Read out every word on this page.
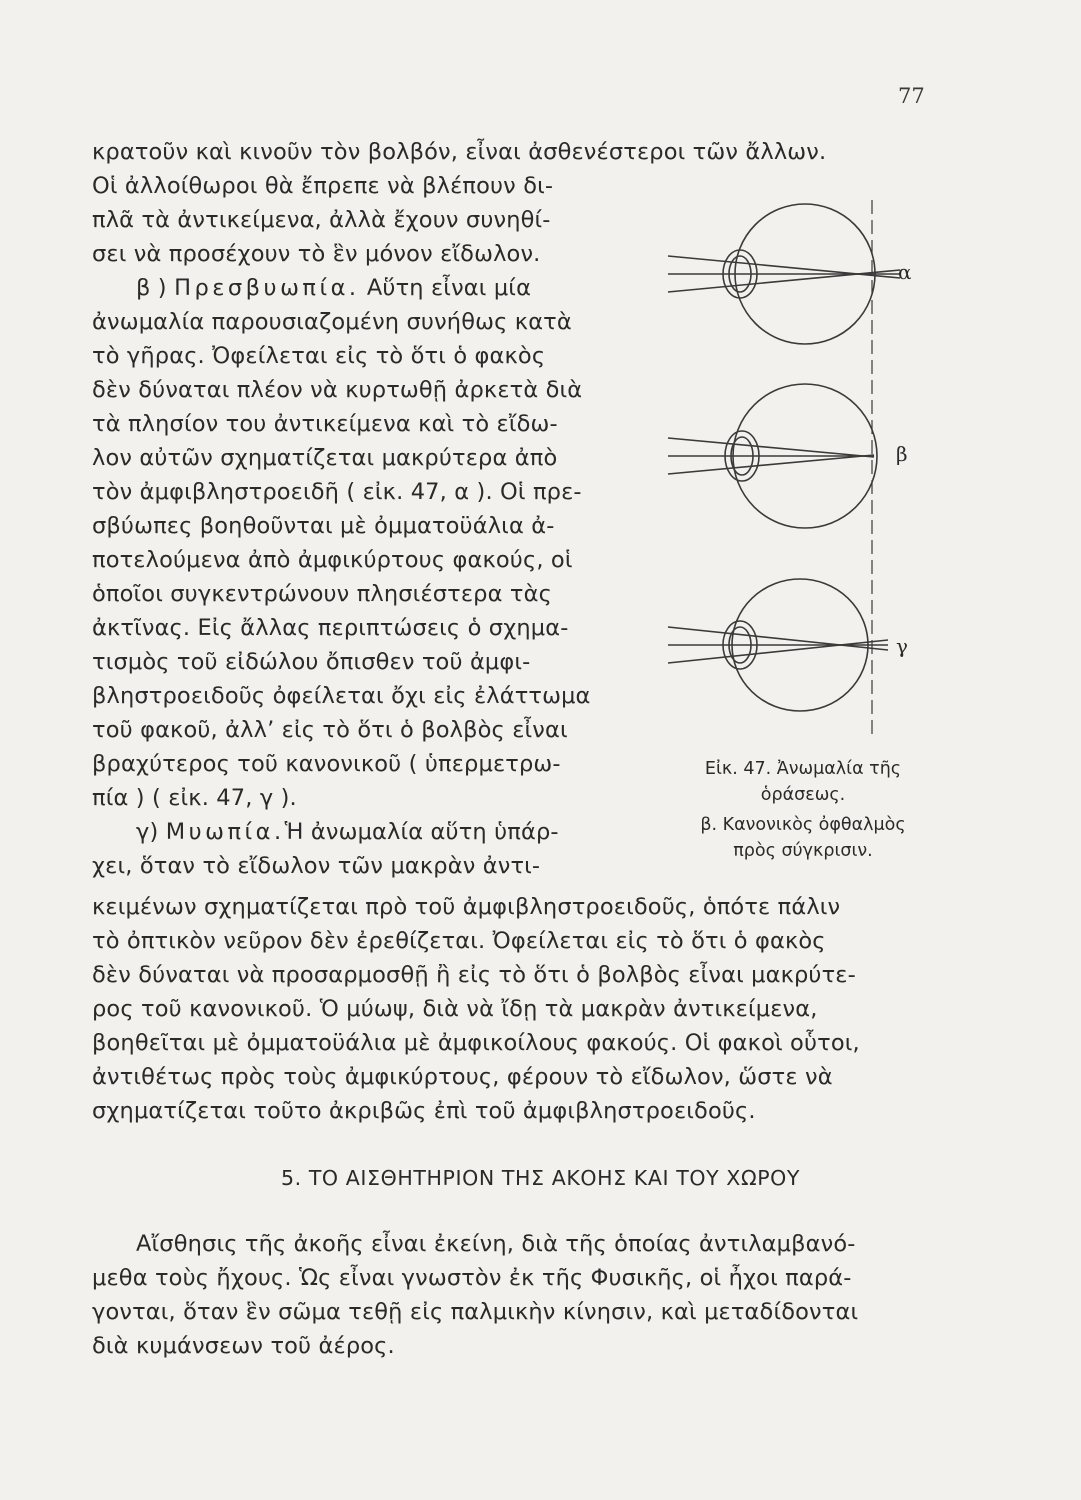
77
κρατοῦν καὶ κινοῦν τὸν βολβόν, εἶναι ἀσθενέστεροι τῶν ἄλλων.
Οἱ ἀλλοίθωροι θὰ ἔπρεπε νὰ βλέπουν δι-
πλᾶ τὰ ἀντικείμενα, ἀλλὰ ἔχουν συνηθί-
σει νὰ προσέχουν τὸ ἓν μόνον εἴδωλον.
β ) Πρεσβυωπία. Αὕτη εἶναι μία
ἀνωμαλία παρουσιαζομένη συνήθως κατὰ
τὸ γῆρας. Ὀφείλεται εἰς τὸ ὅτι ὁ φακὸς
δὲν δύναται πλέον νὰ κυρτωθῇ ἀρκετὰ διὰ
τὰ πλησίον του ἀντικείμενα καὶ τὸ εἴδω-
λον αὐτῶν σχηματίζεται μακρύτερα ἀπὸ
τὸν ἀμφιβληστροειδῆ ( εἰκ. 47, α ). Οἱ πρε-
σβύωπες βοηθοῦνται μὲ ὀμματοϋάλια ἀ-
ποτελούμενα ἀπὸ ἀμφικύρτους φακούς, οἱ
ὁποῖοι συγκεντρώνουν πλησιέστερα τὰς
ἀκτῖνας. Εἰς ἄλλας περιπτώσεις ὁ σχημα-
τισμὸς τοῦ εἰδώλου ὄπισθεν τοῦ ἀμφι-
βληστροειδοῦς ὀφείλεται ὄχι εἰς ἐλάττωμα
τοῦ φακοῦ, ἀλλ’ εἰς τὸ ὅτι ὁ βολβὸς εἶναι
βραχύτερος τοῦ κανονικοῦ ( ὑπερμετρω-
πία ) ( εἰκ. 47, γ ).
γ) Μυωπία.Ἡ ἀνωμαλία αὕτη ὑπάρ-
χει, ὅταν τὸ εἴδωλον τῶν μακρὰν ἀντι-
κειμένων σχηματίζεται πρὸ τοῦ ἀμφιβληστροειδοῦς, ὁπότε πάλιν
τὸ ὀπτικὸν νεῦρον δὲν ἐρεθίζεται. Ὀφείλεται εἰς τὸ ὅτι ὁ φακὸς
δὲν δύναται νὰ προσαρμοσθῇ ἢ εἰς τὸ ὅτι ὁ βολβὸς εἶναι μακρύτε-
ρος τοῦ κανονικοῦ. Ὁ μύωψ, διὰ νὰ ἴδῃ τὰ μακρὰν ἀντικείμενα,
βοηθεῖται μὲ ὀμματοϋάλια μὲ ἀμφικοίλους φακούς. Οἱ φακοὶ οὗτοι,
ἀντιθέτως πρὸς τοὺς ἀμφικύρτους, φέρουν τὸ εἴδωλον, ὥστε νὰ
σχηματίζεται τοῦτο ἀκριβῶς ἐπὶ τοῦ ἀμφιβληστροειδοῦς.
5. ΤΟ ΑΙΣΘΗΤΗΡΙΟΝ ΤΗΣ ΑΚΟΗΣ ΚΑΙ ΤΟΥ ΧΩΡΟΥ
Αἴσθησις τῆς ἀκοῆς εἶναι ἐκείνη, διὰ τῆς ὁποίας ἀντιλαμβανό-
μεθα τοὺς ἤχους. Ὡς εἶναι γνωστὸν ἐκ τῆς Φυσικῆς, οἱ ἦχοι παρά-
γονται, ὅταν ἓν σῶμα τεθῇ εἰς παλμικὴν κίνησιν, καὶ μεταδίδονται
διὰ κυμάνσεων τοῦ ἀέρος.
α
β
γ
Εἰκ. 47. Ἀνωμαλία τῆς
ὁράσεως.
β. Κανονικὸς ὀφθαλμὸς
πρὸς σύγκρισιν.
